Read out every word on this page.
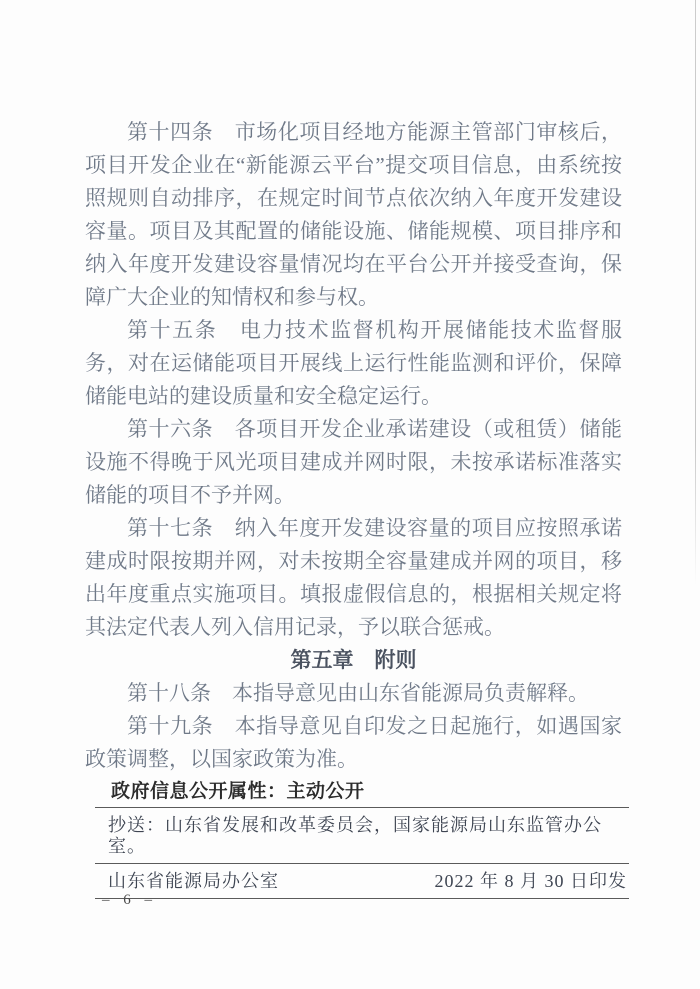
第十四条　市场化项目经地方能源主管部门审核后，项目开发企业在“新能源云平台”提交项目信息，由系统按照规则自动排序，在规定时间节点依次纳入年度开发建设容量。项目及其配置的储能设施、储能规模、项目排序和纳入年度开发建设容量情况均在平台公开并接受查询，保障广大企业的知情权和参与权。

第十五条　电力技术监督机构开展储能技术监督服务，对在运储能项目开展线上运行性能监测和评价，保障储能电站的建设质量和安全稳定运行。

第十六条　各项目开发企业承诺建设（或租赁）储能设施不得晚于风光项目建成并网时限，未按承诺标准落实储能的项目不予并网。

第十七条　纳入年度开发建设容量的项目应按照承诺建成时限按期并网，对未按期全容量建成并网的项目，移出年度重点实施项目。填报虚假信息的，根据相关规定将其法定代表人列入信用记录，予以联合惩戒。

第五章　附则

第十八条　本指导意见由山东省能源局负责解释。

第十九条　本指导意见自印发之日起施行，如遇国家政策调整，以国家政策为准。

政府信息公开属性：主动公开
抄送：山东省发展和改革委员会，国家能源局山东监管办公室。
山东省能源局办公室	2022 年 8 月 30 日印发
– 6 –
